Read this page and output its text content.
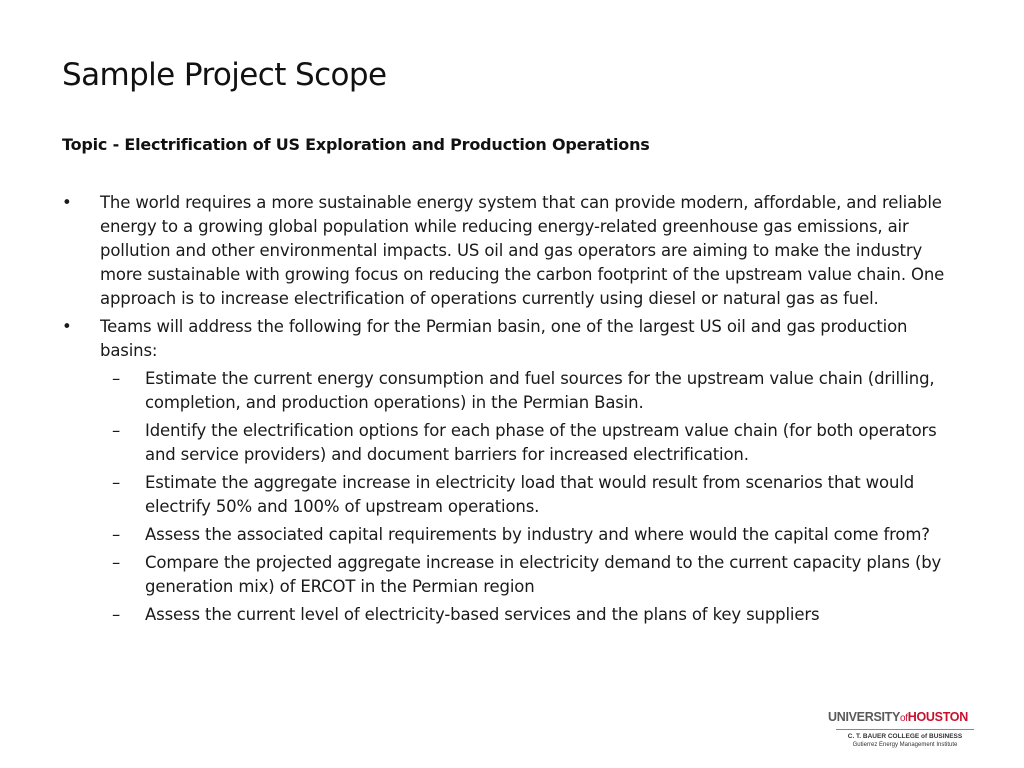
Sample Project Scope
Topic - Electrification of US Exploration and Production Operations
•	The world requires a more sustainable energy system that can provide modern, affordable, and reliable energy to a growing global population while reducing energy-related greenhouse gas emissions, air pollution and other environmental impacts. US oil and gas operators are aiming to make the industry more sustainable with growing focus on reducing the carbon footprint of the upstream value chain. One approach is to increase electrification of operations currently using diesel or natural gas as fuel.
•	Teams will address the following for the Permian basin, one of the largest US oil and gas production basins:
–	Estimate the current energy consumption and fuel sources for the upstream value chain (drilling, completion, and production operations) in the Permian Basin.
–	Identify the electrification options for each phase of the upstream value chain (for both operators and service providers) and document barriers for increased electrification.
–	Estimate the aggregate increase in electricity load that would result from scenarios that would electrify 50% and 100% of upstream operations.
–	Assess the associated capital requirements by industry and where would the capital come from?
–	Compare the projected aggregate increase in electricity demand to the current capacity plans (by generation mix) of ERCOT in the Permian region
–	Assess the current level of electricity-based services and the plans of key suppliers
UNIVERSITYofHOUSTON
C. T. BAUER COLLEGE of BUSINESS
Gutierrez Energy Management Institute
